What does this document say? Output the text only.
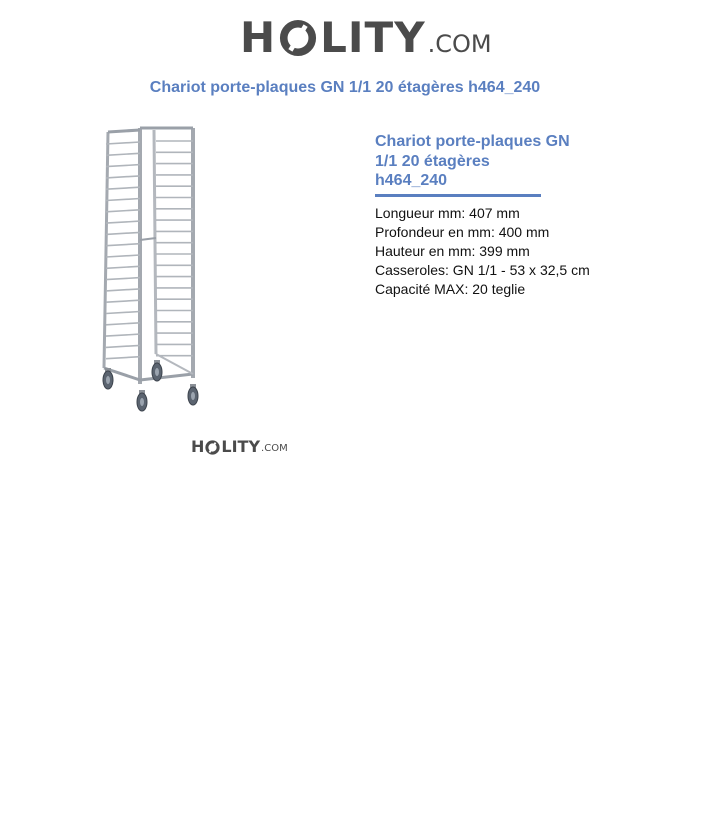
H LITY .COM
Chariot porte-plaques GN 1/1 20 étagères h464_240
H LITY .COM
Chariot porte-plaques GN
1/1 20 étagères
h464_240
Longueur mm: 407 mm
Profondeur en mm: 400 mm
Hauteur en mm: 399 mm
Casseroles: GN 1/1 - 53 x 32,5 cm
Capacité MAX: 20 teglie
